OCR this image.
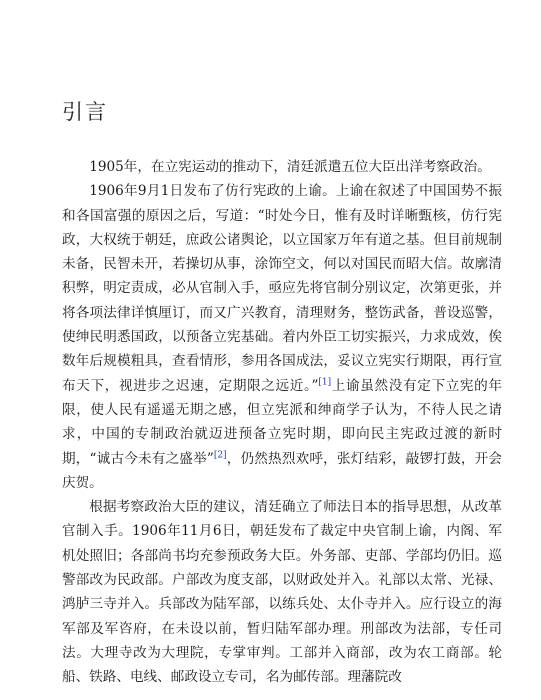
引言

1905年，在立宪运动的推动下，清廷派遣五位大臣出洋考察政治。

1906年9月1日发布了仿行宪政的上谕。上谕在叙述了中国国势不振和各国富强的原因之后，写道：“时处今日，惟有及时详晰甄核，仿行宪政，大权统于朝廷，庶政公诸舆论，以立国家万年有道之基。但目前规制未备，民智未开，若操切从事，涂饰空文，何以对国民而昭大信。故廓清积弊，明定责成，必从官制入手，亟应先将官制分别议定，次第更张，并将各项法律详慎厘订，而又广兴教育，清理财务，整饬武备，普设巡警，使绅民明悉国政，以预备立宪基础。着内外臣工切实振兴，力求成效，俟数年后规模粗具，查看情形，参用各国成法，妥议立宪实行期限，再行宣布天下，视进步之迟速，定期限之远近。”[1]上谕虽然没有定下立宪的年限，使人民有遥遥无期之感，但立宪派和绅商学子认为，不待人民之请求，中国的专制政治就迈进预备立宪时期，即向民主宪政过渡的新时期，“诚古今未有之盛举”[2]，仍然热烈欢呼，张灯结彩，敲锣打鼓，开会庆贺。

根据考察政治大臣的建议，清廷确立了师法日本的指导思想，从改革官制入手。1906年11月6日，朝廷发布了裁定中央官制上谕，内阁、军机处照旧；各部尚书均充参预政务大臣。外务部、吏部、学部均仍旧。巡警部改为民政部。户部改为度支部，以财政处并入。礼部以太常、光禄、鸿胪三寺并入。兵部改为陆军部，以练兵处、太仆寺并入。应行设立的海军部及军咨府，在未设以前，暂归陆军部办理。刑部改为法部，专任司法。大理寺改为大理院，专掌审判。工部并入商部，改为农工商部。轮船、铁路、电线、邮政设立专司，名为邮传部。理藩院改
